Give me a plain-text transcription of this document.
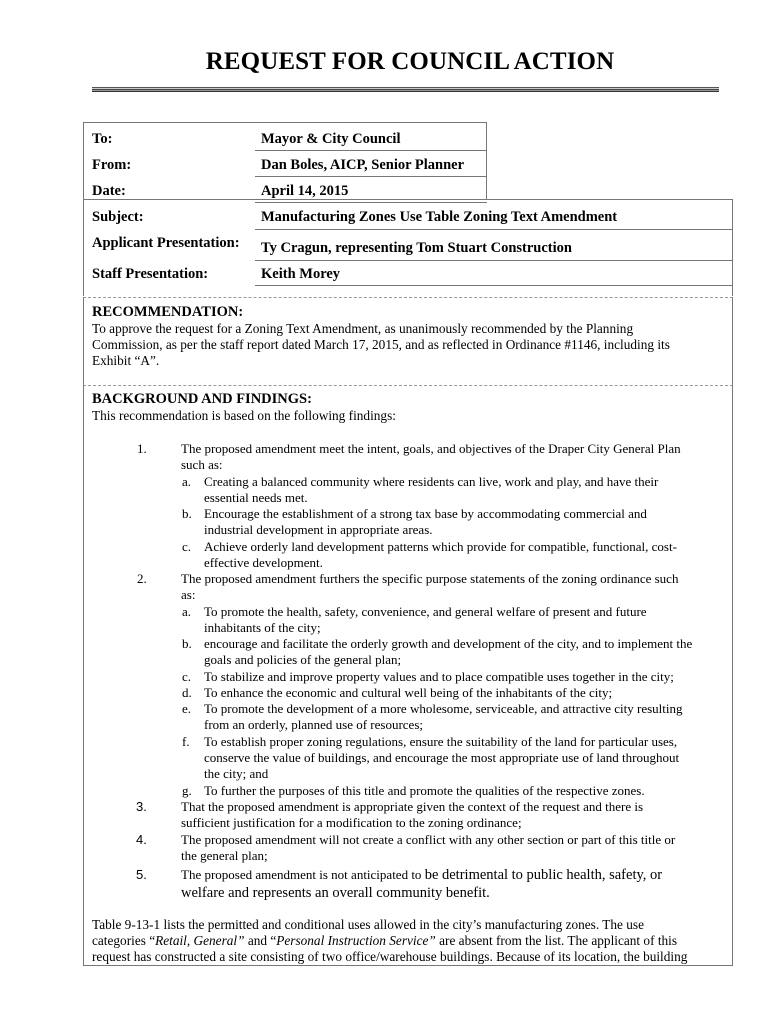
REQUEST FOR COUNCIL ACTION
To:	Mayor & City Council
From:	Dan Boles, AICP, Senior Planner
Date:	April 14, 2015
Subject:	Manufacturing Zones Use Table Zoning Text Amendment
Applicant Presentation:	Ty Cragun, representing Tom Stuart Construction
Staff Presentation:	Keith Morey
RECOMMENDATION:
To approve the request for a Zoning Text Amendment, as unanimously recommended by the Planning
Commission, as per the staff report dated March 17, 2015, and as reflected in Ordinance #1146, including its
Exhibit “A”.
BACKGROUND AND FINDINGS:
This recommendation is based on the following findings:
1.	The proposed amendment meet the intent, goals, and objectives of the Draper City General Plan
such as:
a. Creating a balanced community where residents can live, work and play, and have their
essential needs met.
b. Encourage the establishment of a strong tax base by accommodating commercial and
industrial development in appropriate areas.
c. Achieve orderly land development patterns which provide for compatible, functional, cost-
effective development.
2.	The proposed amendment furthers the specific purpose statements of the zoning ordinance such
as:
a. To promote the health, safety, convenience, and general welfare of present and future
inhabitants of the city;
b. encourage and facilitate the orderly growth and development of the city, and to implement the
goals and policies of the general plan;
c. To stabilize and improve property values and to place compatible uses together in the city;
d. To enhance the economic and cultural well being of the inhabitants of the city;
e. To promote the development of a more wholesome, serviceable, and attractive city resulting
from an orderly, planned use of resources;
f. To establish proper zoning regulations, ensure the suitability of the land for particular uses,
conserve the value of buildings, and encourage the most appropriate use of land throughout
the city; and
g. To further the purposes of this title and promote the qualities of the respective zones.
3.	That the proposed amendment is appropriate given the context of the request and there is
sufficient justification for a modification to the zoning ordinance;
4.	The proposed amendment will not create a conflict with any other section or part of this title or
the general plan;
5.	The proposed amendment is not anticipated to be detrimental to public health, safety, or
welfare and represents an overall community benefit.
Table 9-13-1 lists the permitted and conditional uses allowed in the city’s manufacturing zones. The use
categories “Retail, General” and “Personal Instruction Service” are absent from the list. The applicant of this
request has constructed a site consisting of two office/warehouse buildings. Because of its location, the building
